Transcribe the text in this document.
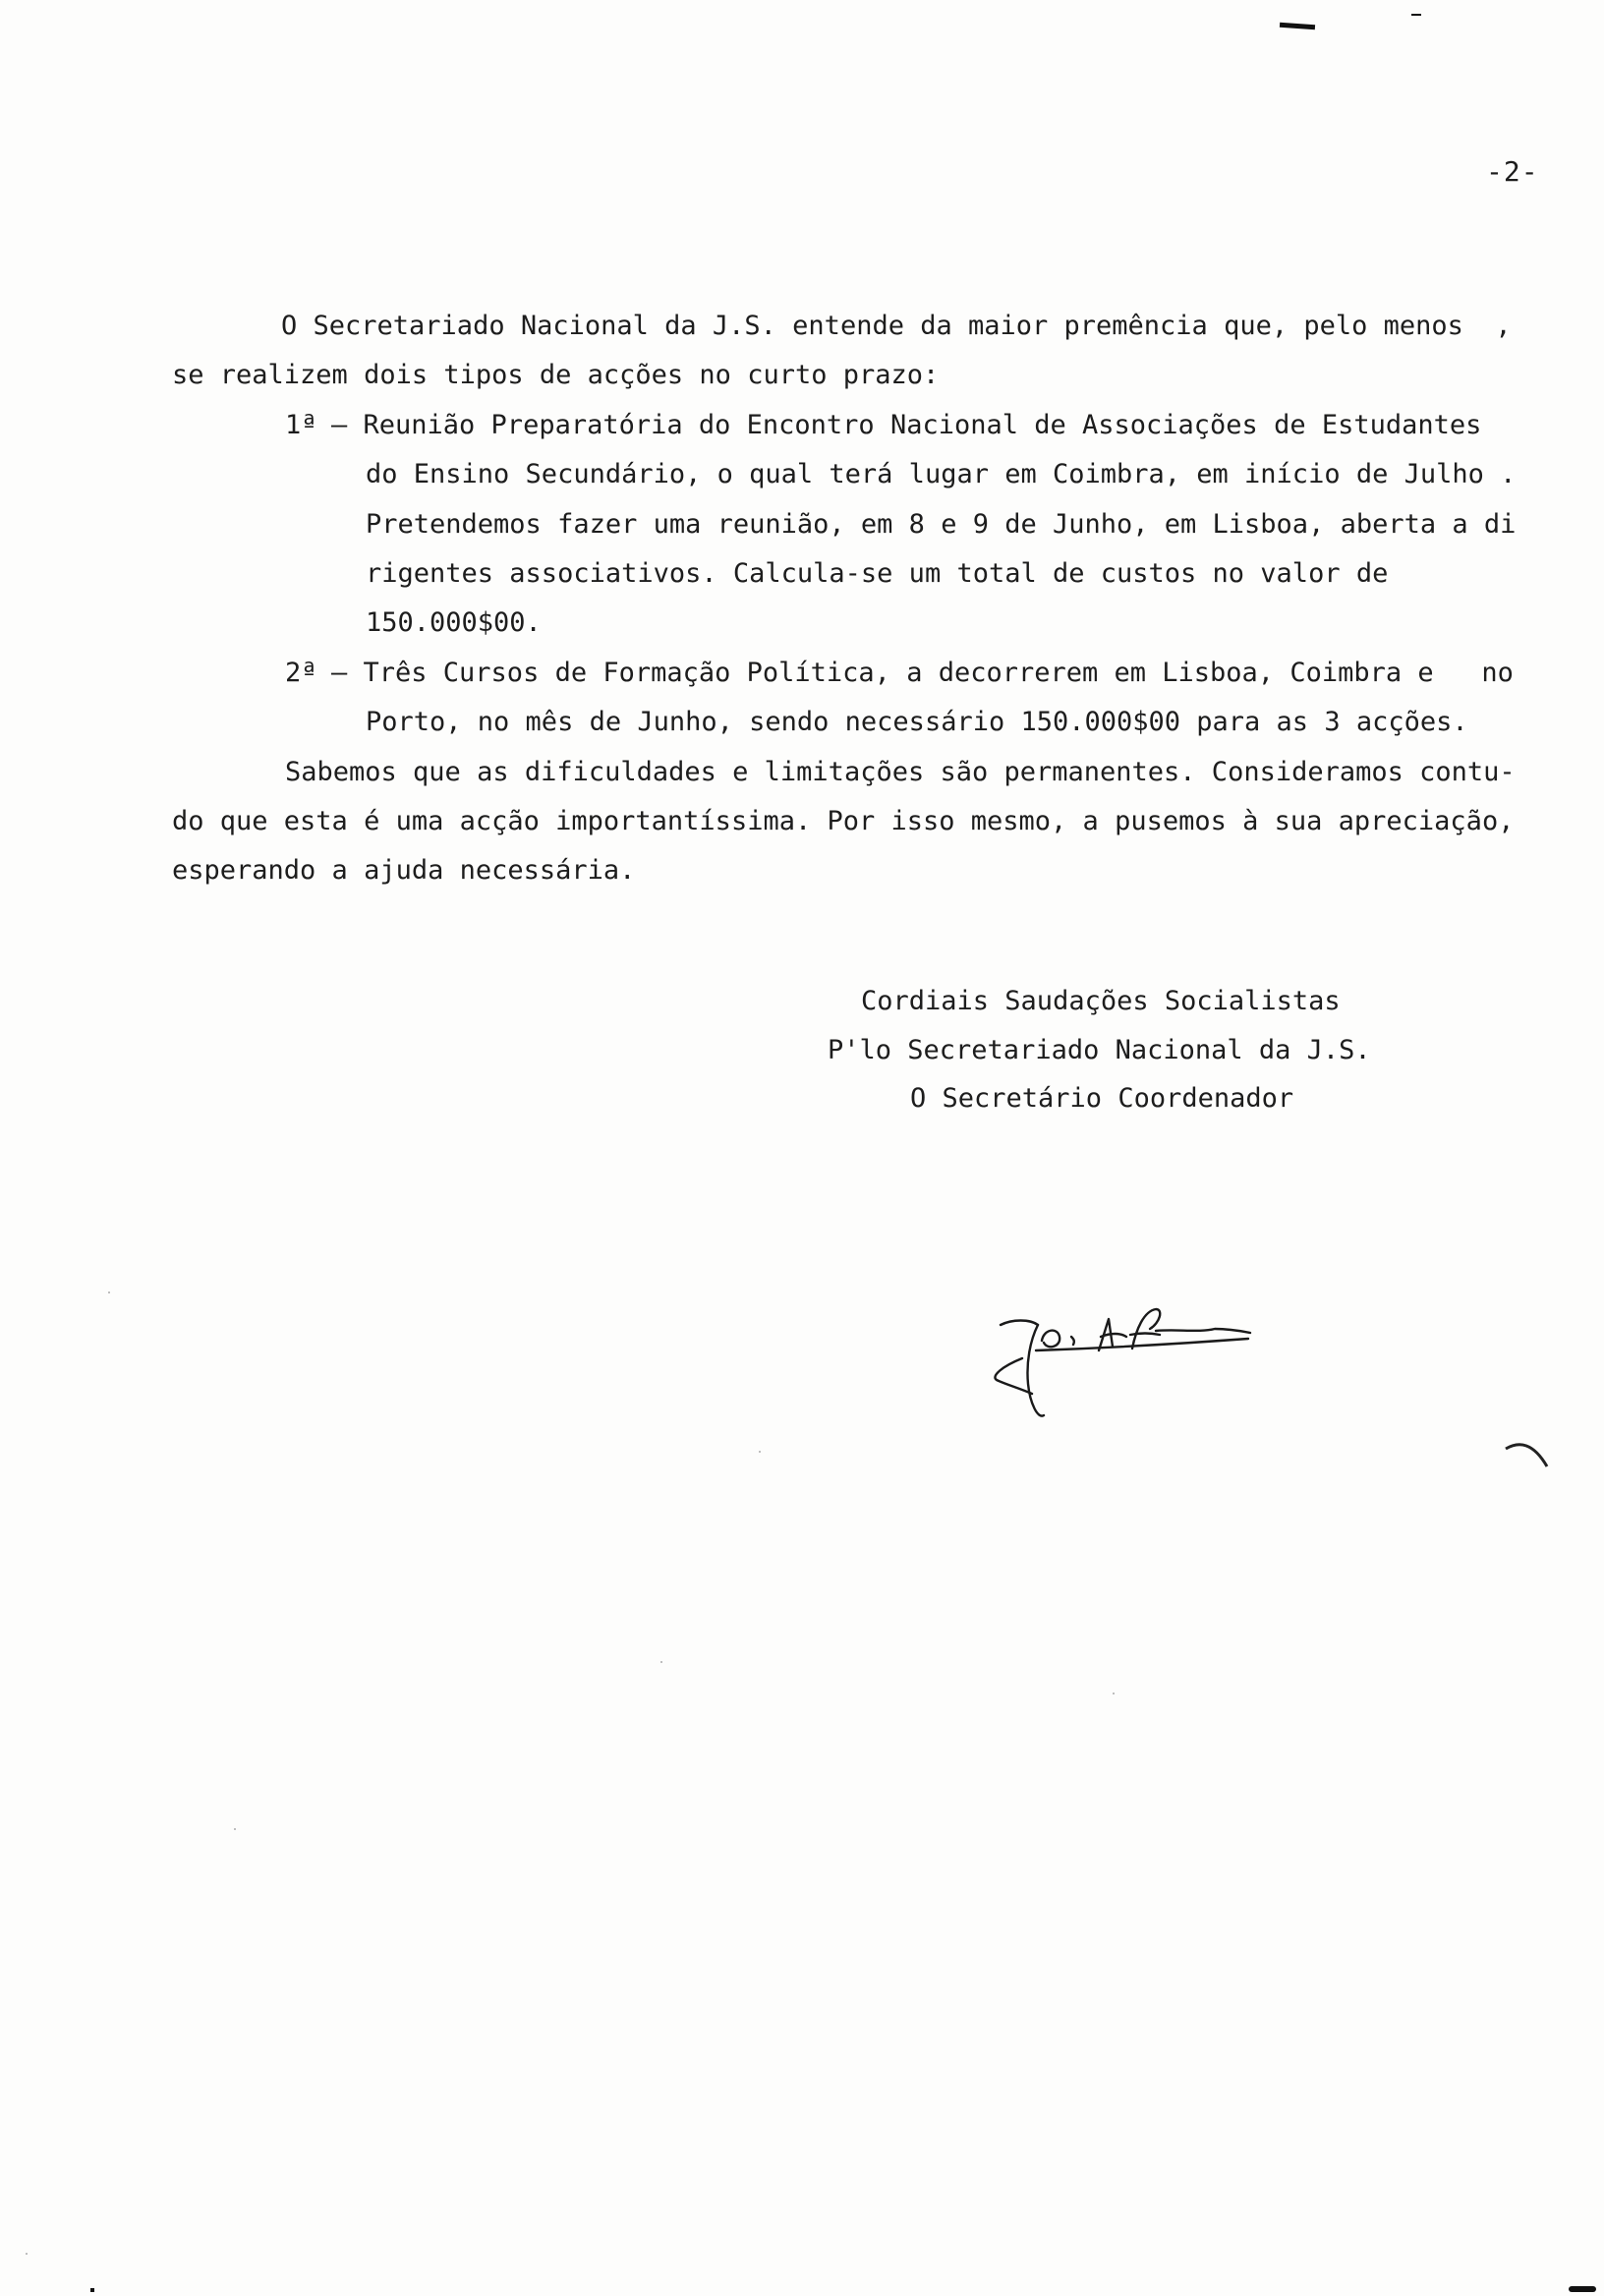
-2-
O Secretariado Nacional da J.S. entende da maior premência que, pelo menos  ,
se realizem dois tipos de acções no curto prazo:
1ª – Reunião Preparatória do Encontro Nacional de Associações de Estudantes
do Ensino Secundário, o qual terá lugar em Coimbra, em início de Julho .
Pretendemos fazer uma reunião, em 8 e 9 de Junho, em Lisboa, aberta a di
rigentes associativos. Calcula-se um total de custos no valor de
150.000$00.
2ª – Três Cursos de Formação Política, a decorrerem em Lisboa, Coimbra e   no
Porto, no mês de Junho, sendo necessário 150.000$00 para as 3 acções.
Sabemos que as dificuldades e limitações são permanentes. Consideramos contu-
do que esta é uma acção importantíssima. Por isso mesmo, a pusemos à sua apreciação,
esperando a ajuda necessária.
Cordiais Saudações Socialistas
P'lo Secretariado Nacional da J.S.
O Secretário Coordenador
